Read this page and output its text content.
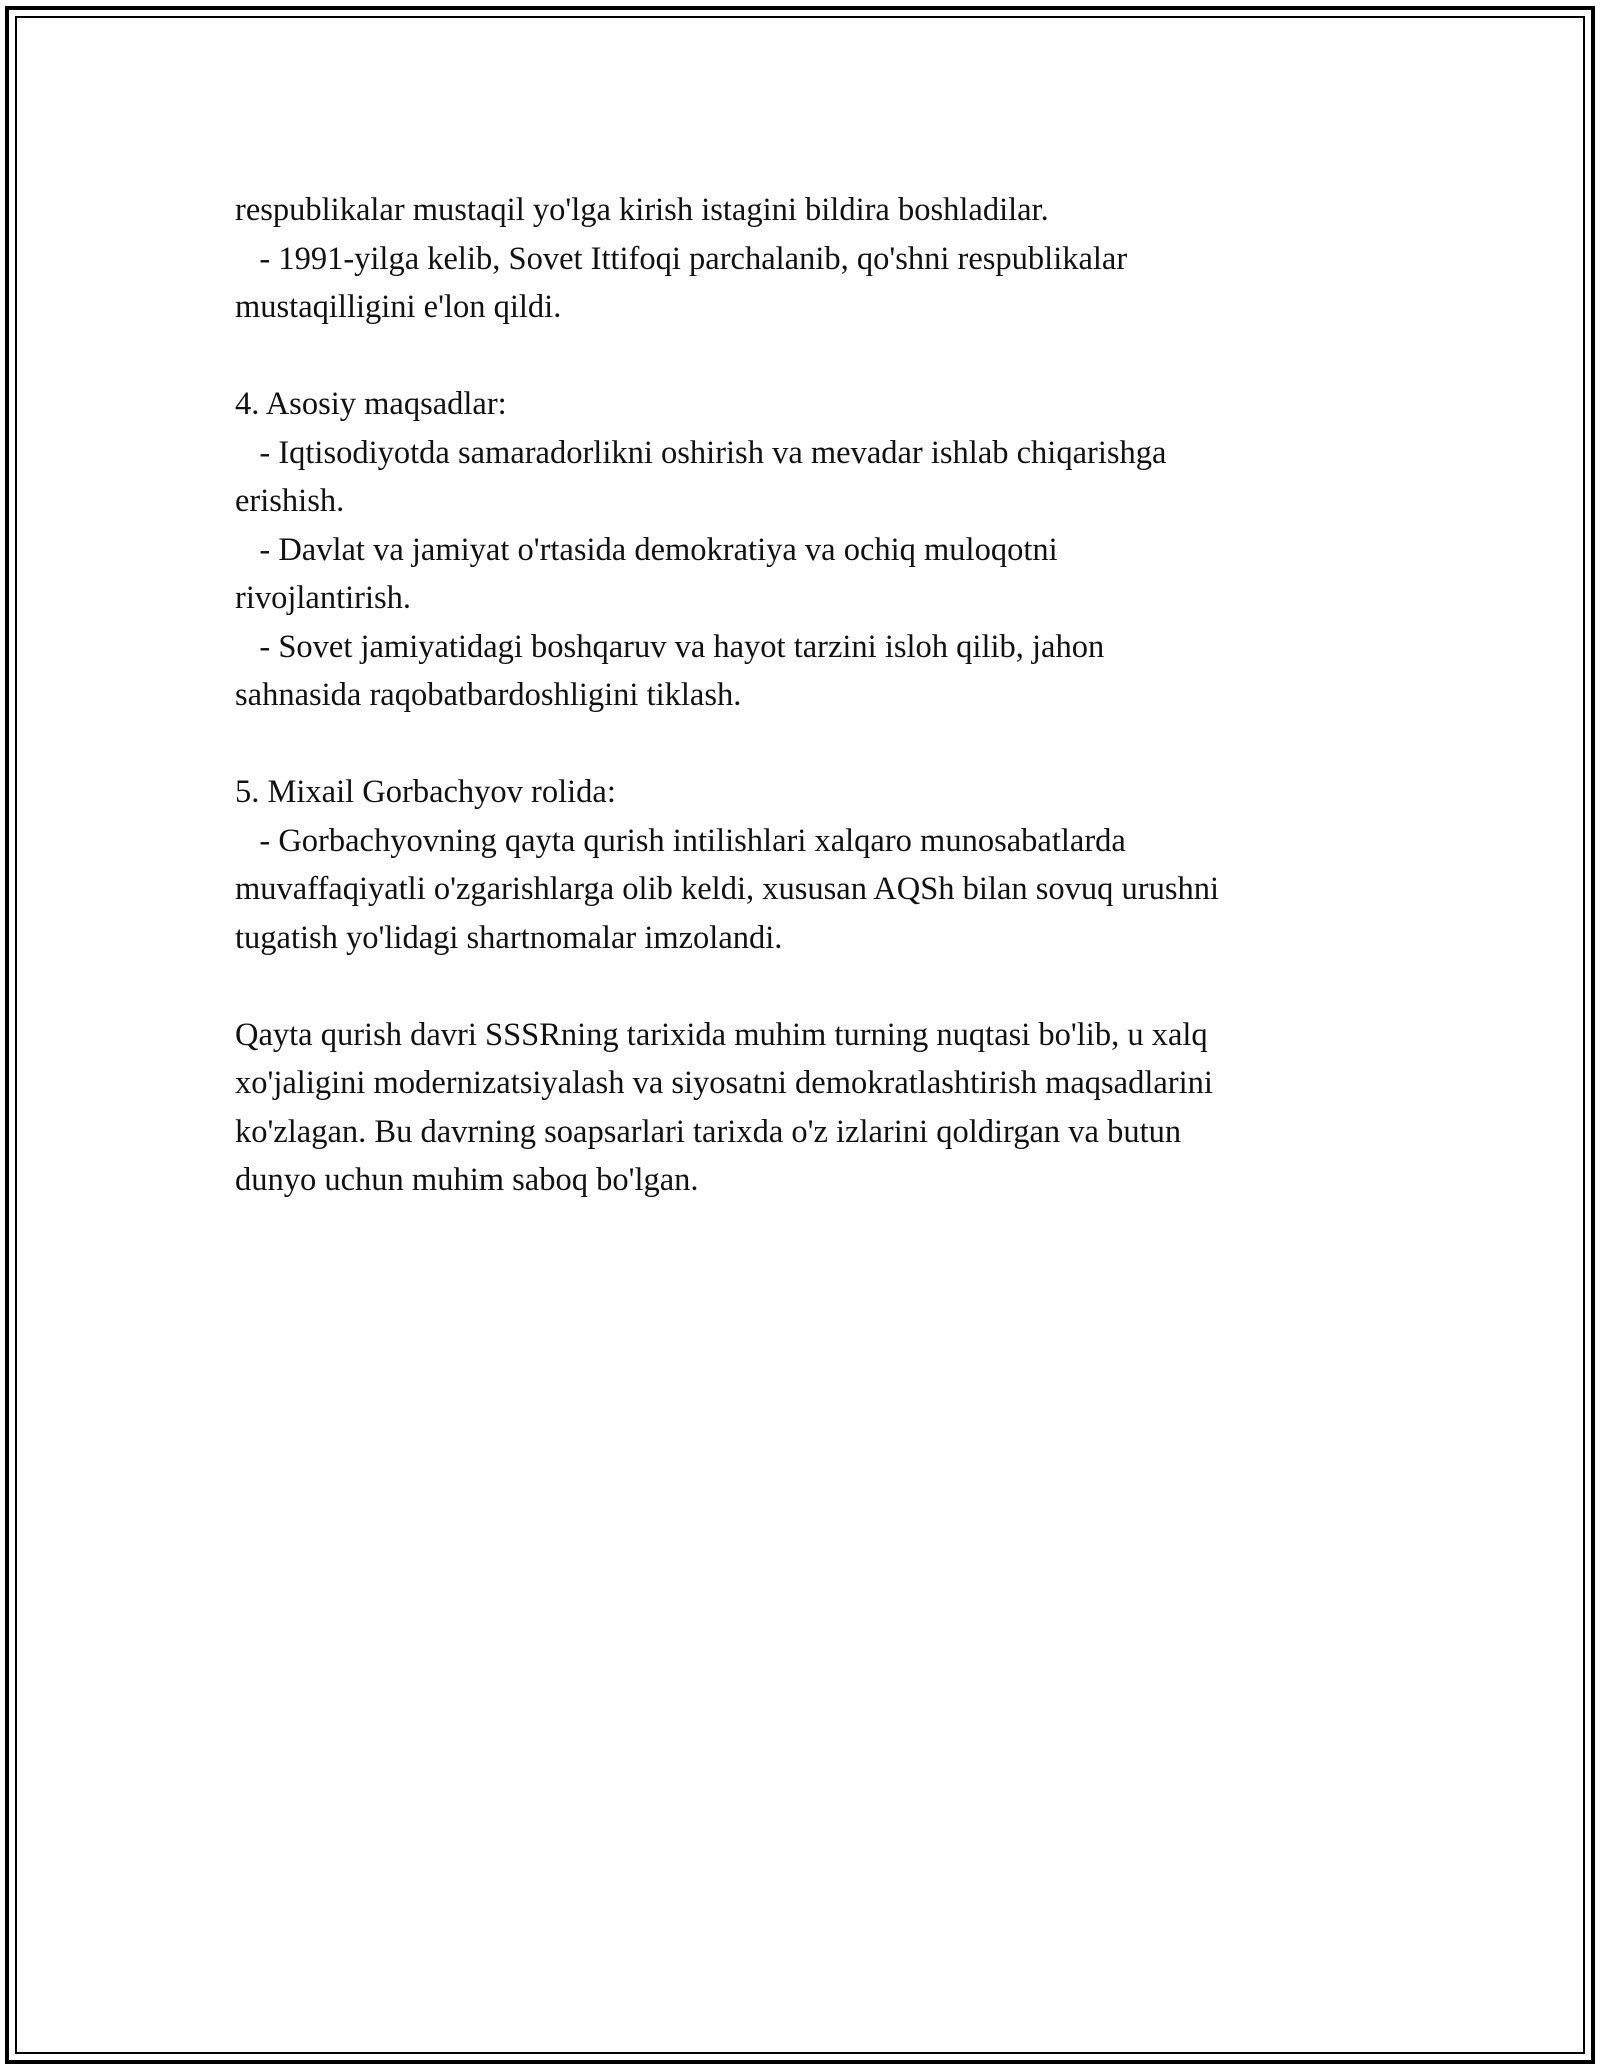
respublikalar mustaqil yo'lga kirish istagini bildira boshladilar.
- 1991-yilga kelib, Sovet Ittifoqi parchalanib, qo'shni respublikalar
mustaqilligini e'lon qildi.
4. Asosiy maqsadlar:
- Iqtisodiyotda samaradorlikni oshirish va mevadar ishlab chiqarishga
erishish.
- Davlat va jamiyat o'rtasida demokratiya va ochiq muloqotni
rivojlantirish.
- Sovet jamiyatidagi boshqaruv va hayot tarzini isloh qilib, jahon
sahnasida raqobatbardoshligini tiklash.
5. Mixail Gorbachyov rolida:
- Gorbachyovning qayta qurish intilishlari xalqaro munosabatlarda
muvaffaqiyatli o'zgarishlarga olib keldi, xususan AQSh bilan sovuq urushni
tugatish yo'lidagi shartnomalar imzolandi.
Qayta qurish davri SSSRning tarixida muhim turning nuqtasi bo'lib, u xalq
xo'jaligini modernizatsiyalash va siyosatni demokratlashtirish maqsadlarini
ko'zlagan. Bu davrning soapsarlari tarixda o'z izlarini qoldirgan va butun
dunyo uchun muhim saboq bo'lgan.
